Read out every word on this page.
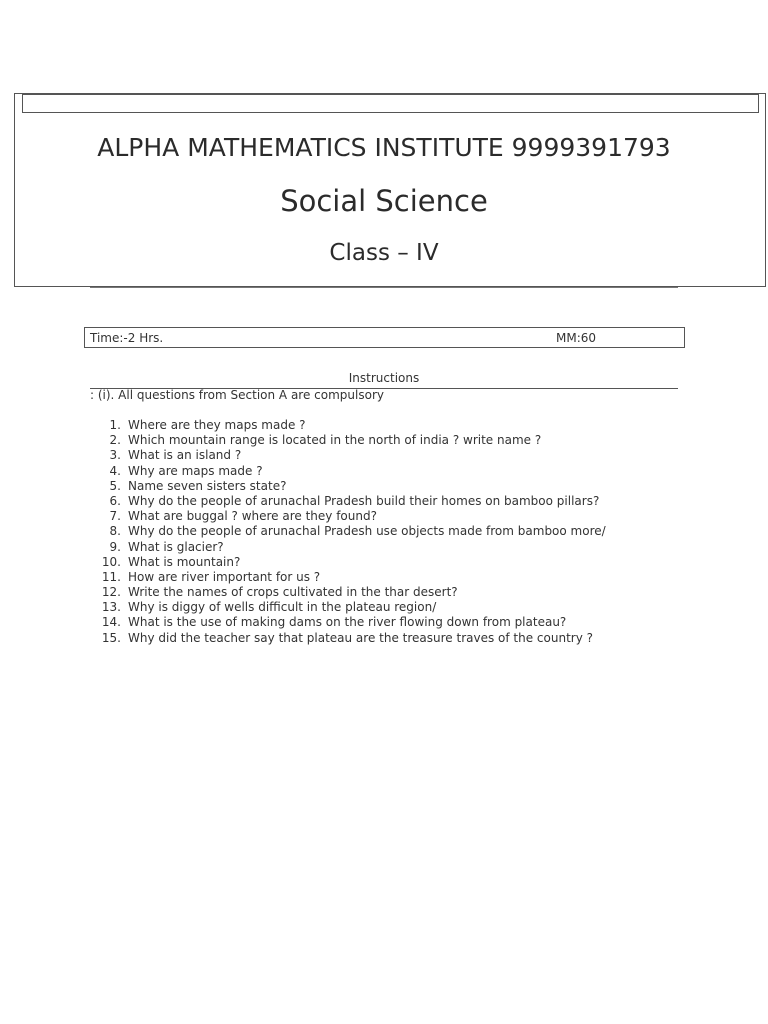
ALPHA MATHEMATICS INSTITUTE 9999391793
Social Science
Class – IV
Time:-2 Hrs.	MM:60
Instructions
: (i). All questions from Section A are compulsory
1. Where are they maps made ?
2. Which mountain range is located in the north of india ? write name ?
3. What is an island ?
4. Why are maps made ?
5. Name seven sisters state?
6. Why do the people of arunachal Pradesh build their homes on bamboo pillars?
7. What are buggal ? where are they found?
8. Why do the people of arunachal Pradesh use objects made from bamboo more/
9. What is glacier?
10. What is mountain?
11. How are river important for us ?
12. Write the names of crops cultivated in the thar desert?
13. Why is diggy of wells difficult in the plateau region/
14. What is the use of making dams on the river flowing down from plateau?
15. Why did the teacher say that plateau are the treasure traves of the country ?
